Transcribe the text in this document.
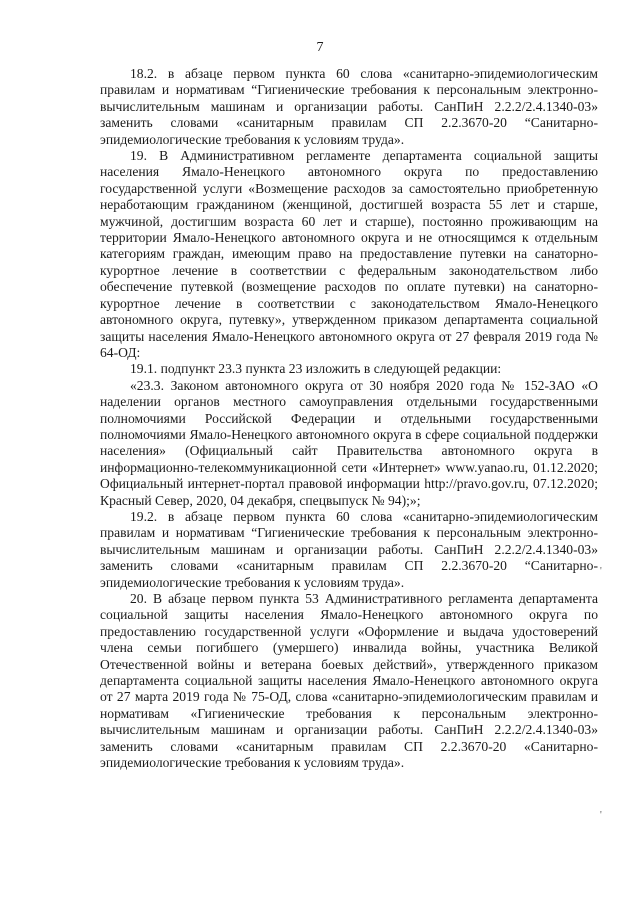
7

18.2. в абзаце первом пункта 60 слова «санитарно-эпидемиологическим правилам и нормативам “Гигиенические требования к персональным электронно-вычислительным машинам и организации работы. СанПиН 2.2.2/2.4.1340-03» заменить словами «санитарным правилам СП 2.2.3670-20 “Санитарно-эпидемиологические требования к условиям труда».

19. В Административном регламенте департамента социальной защиты населения Ямало-Ненецкого автономного округа по предоставлению государственной услуги «Возмещение расходов за самостоятельно приобретенную неработающим гражданином (женщиной, достигшей возраста 55 лет и старше, мужчиной, достигшим возраста 60 лет и старше), постоянно проживающим на территории Ямало-Ненецкого автономного округа и не относящимся к отдельным категориям граждан, имеющим право на предоставление путевки на санаторно-курортное лечение в соответствии с федеральным законодательством либо обеспечение путевкой (возмещение расходов по оплате путевки) на санаторно-курортное лечение в соответствии с законодательством Ямало-Ненецкого автономного округа, путевку», утвержденном приказом департамента социальной защиты населения Ямало-Ненецкого автономного округа от 27 февраля 2019 года № 64-ОД:

19.1. подпункт 23.3 пункта 23 изложить в следующей редакции:

«23.3. Законом автономного округа от 30 ноября 2020 года № 152-ЗАО «О наделении органов местного самоуправления отдельными государственными полномочиями Российской Федерации и отдельными государственными полномочиями Ямало-Ненецкого автономного округа в сфере социальной поддержки населения» (Официальный сайт Правительства автономного округа в информационно-телекоммуникационной сети «Интернет» www.yanao.ru, 01.12.2020; Официальный интернет-портал правовой информации http://pravo.gov.ru, 07.12.2020; Красный Север, 2020, 04 декабря, спецвыпуск № 94);»;

19.2. в абзаце первом пункта 60 слова «санитарно-эпидемиологическим правилам и нормативам “Гигиенические требования к персональным электронно-вычислительным машинам и организации работы. СанПиН 2.2.2/2.4.1340-03» заменить словами «санитарным правилам СП 2.2.3670-20 “Санитарно-эпидемиологические требования к условиям труда».

20. В абзаце первом пункта 53 Административного регламента департамента социальной защиты населения Ямало-Ненецкого автономного округа по предоставлению государственной услуги «Оформление и выдача удостоверений члена семьи погибшего (умершего) инвалида войны, участника Великой Отечественной войны и ветерана боевых действий», утвержденного приказом департамента социальной защиты населения Ямало-Ненецкого автономного округа от 27 марта 2019 года № 75-ОД, слова «санитарно-эпидемиологическим правилам и нормативам «Гигиенические требования к персональным электронно-вычислительным машинам и организации работы. СанПиН 2.2.2/2.4.1340-03» заменить словами «санитарным правилам СП 2.2.3670-20 «Санитарно-эпидемиологические требования к условиям труда».

'
'
